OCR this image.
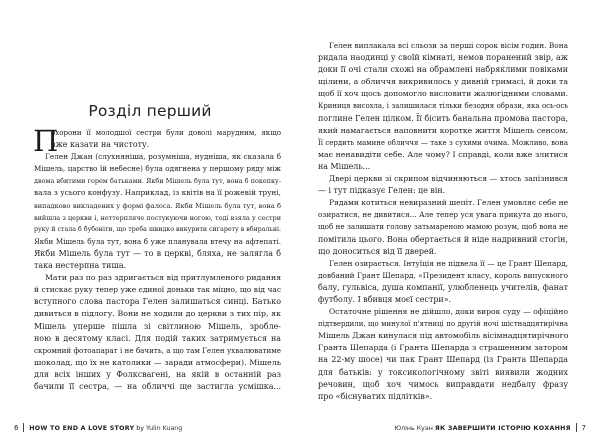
Розділ перший

П
охорони її молодшої сестри були доволі марудним, якщо
вже казати на чистоту.

Гелен Джан (слухняніша, розумніша, нудніша, як сказала б
Мішель, царство їй небесне) була одягнена у першому ряду між
двома вбитими горем батьками. Якби Мішель була тут, вона б покепку-
вала з усього конфузу. Наприклад, із квітів на її рожевій труні,
випадково викладених у формі фалоса. Якби Мішель була тут, вона б
вийшла з церкви і, неттерпляче постукуючи ногою, тоді взяла у сестри
руку й стала б бубоніти, що треба швидко викурити сигарету в вбиральні.
Якби Мішель була тут, вона б уже планувала втечу на афтепаті.
Якби Мішель була тут — то в церкві, бляха, не залягла б
така нестерпна тиша.

Мати раз по раз здригається від притлумленого ридання
й стискає руку тепер уже єдиної доньки так міцно, що від час
вступного слова пастора Гелен залишаться синці. Батько
дивиться в підлогу. Вони не ходили до церкви з тих пір, як
Мішель уперше пішла зі світлиною Мішель, зробле-
ною в десятому класі. Для подій таких затримується на
скромний фотоапарат і не бачить, а що там Гелен ухвалюватиме
шоколад, що їх не католики — заради атмосфери). Мішель
для всіх інших у Фолксвагені, на якій в останній раз
бачили її сестра, — на обличчі ще застигла усмішка...

6 HOW TO END A LOVE STORY by Yulin Kuang

Гелен виплакала всі сльози за перші сорок вісім годин. Вона
ридала наодинці у своїй кімнаті, немов поранений звір, аж
доки її очі стали схожі на обрамлені набряклими повіками
щілини, а обличчя викривилось у дивній гримасі, й доки та
щоб її хоч щось допомогло висловити жалюгідними словами.
Криниця висохла, і залишилася тільки безодня образи, яка ось-ось
поглине Гелен цілком. Її бісить банальна промова пастора,
який намагається наповнити коротке життя Мішель сенсом.
Її сердить мамине обличчя — таке з сухими очима. Можливо, вона
має ненавидіти себе. Але чому? І справді, коли вже злитися
на Мішель...

Двері церкви зі скрипом відчиняються — хтось запізнився
— і тут підказує Гелен: це він.

Рядами котиться невиразний шепіт. Гелен умовляє себе не
озиратися, не дивитися... Але тепер уся увага прикута до нього,
щоб не залишати голову затьмареною мамою розум, щоб вона не
помітила цього. Вона обертається й ніде надривний стогін,
що доноситься від її дверей.

Гелен озирається. Інтуїція не підвела її — це Грант Шепард,
довбаний Грант Шепард. «Президент класу, король випускного
балу, гульвіса, душа компанії, улюбленець учителів, фанат
футболу. І вбивця моєї сестри».

Остаточне рішення не дійшло, доки вирок суду — офіційно
підтвердили, що минулої п'ятниці по другій ночі шістнадцятирічна
Мішель Джан кинулася під автомобіль вісімнадцятирічного
Гранта Шепарда (і Гранта Шепарда з страшенним затором
на 22-му шосе) чи пак Грант Шепард (із Гранта Шепарда
для батьків: у токсикологічному звіті виявили жодних
речовин, щоб хоч чимось виправдати недбалу фразу
про «біснуватих підлітків».

Юлінь Куан ЯК ЗАВЕРШИТИ ІСТОРІЮ КОХАННЯ 7
